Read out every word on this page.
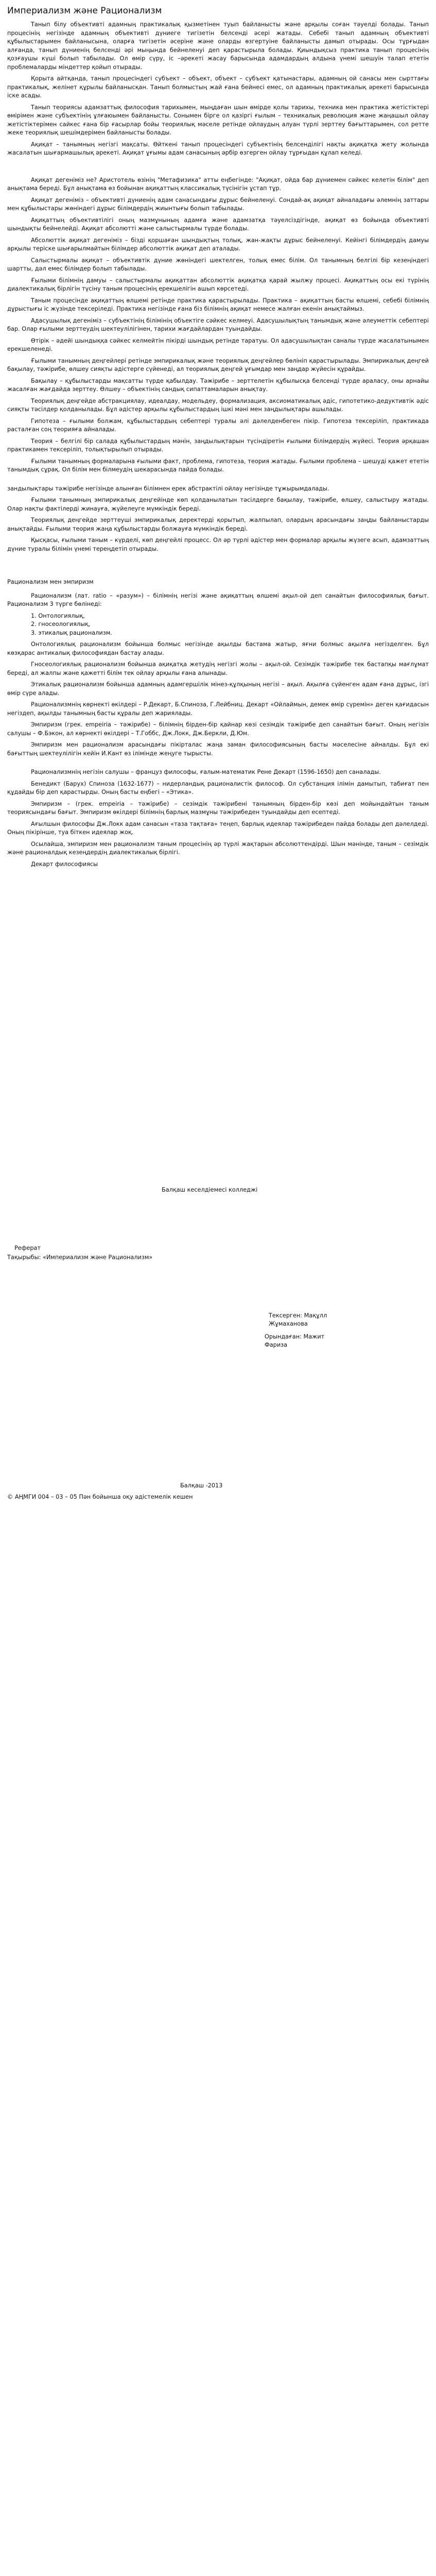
Империализм және Рационализм

Танып білу объективті адамның практикалық қызметінен туып байланысты және арқылы соған тәуелді болады. Танып процесінің негізінде адамның объективті дүниеге тигізетін белсенді әсері жатады. Себебі танып адамның объективті құбылыстарымен байланысына, оларға тигізетін әсеріне және оларды өзгертуіне байланысты дамып отырады. Осы тұрғыдан алғанда, танып дүниенің белсенді әрі мыңында бейнеленуі деп қарастырыла болады. Қиындықсыз практика танып процесінің қозғаушы күші болып табылады. Ол өмір сүру, іс –әрекеті жасау барысында адамдардың алдына үнемі шешуін талап ететін проблемаларды міндеттер қойып отырады.

Қорыта айтқанда, танып процесіндегі субъект – объект, объект – субъект қатынастары, адамның ой санасы мен сырттағы практикалық, желінет құрылы байланысқан. Танып болмыстың жай ғана бейнесі емес, ол адамның практикалық әрекеті барысында іске асады.

Танып теориясы адамзаттық философия тарихымен, мыңдаған шын өмірде қолы тарихы, техника мен практика жетістіктері өмірімен және субъектінің ұлғаюымен байланысты. Сонымен бірге ол қазіргі ғылым – техникалық революция және жаңашыл ойлау жетістіктерімен сайкес ғана бір ғасырлар бойы теориялық мәселе ретінде ойлаудың алуан түрлі зерттеу бағыттарымен, сол ретте жеке теориялық шешімдерімен байланысты болады.

Ақиқат – танымның негізгі мақсаты. Өйткені танып процесіндегі субъектінің белсенділігі нақты ақиқатқа жету жолында жасалатын шығармашылық әрекеті. Ақиқат ұғымы адам санасының әрбір өзгерген ойлау тұрғыдан құлап келеді.

Ақиқат дегеніміз не? Аристотель өзінің "Метафизика" атты еңбегінде: "Ақиқат, ойда бар дүниемен сәйкес келетін білім" деп анықтама береді. Бұл анықтама өз бойынан ақиқаттың классикалық түсінігін ұстап тұр.

Ақиқат дегеніміз – объективті дүниенің адам санасындағы дұрыс бейнеленуі. Сондай-ақ ақиқат айналадағы әлемнің заттары мен құбылыстары жөніндегі дұрыс білімдердің жиынтығы болып табылады.

Ақиқаттың объективтілігі оның мазмұнының адамға және адамзатқа тәуелсіздігінде, ақиқат өз бойында объективті шындықты бейнелейді. Ақиқат абсолютті және салыстырмалы түрде болады.

Абсолюттік ақиқат дегеніміз – бізді қоршаған шындықтың толық, жан-жақты дұрыс бейнеленуі. Кейінгі білімдердің дамуы арқылы теріске шығарылмайтын білімдер абсолюттік ақиқат деп аталады.

Салыстырмалы ақиқат – объективтік дүние жөніндегі шектелген, толық емес білім. Ол танымның белгілі бір кезеңіндегі шартты, дәл емес білімдер болып табылады.

Ғылыми білімнің дамуы – салыстырмалы ақиқаттан абсолюттік ақиқатқа қарай жылжу процесі. Ақиқаттың осы екі түрінің диалектикалық бірлігін түсіну таным процесінің ерекшелігін ашып көрсетеді.

Таным процесінде ақиқаттың өлшемі ретінде практика қарастырылады. Практика – ақиқаттың басты өлшемі, себебі білімнің дұрыстығы іс жүзінде тексеріледі. Практика негізінде ғана біз білімнің ақиқат немесе жалған екенін анықтаймыз.

Адасушылық дегеніміз – субъектінің білімінің объектіге сәйкес келмеуі. Адасушылықтың танымдық және әлеуметтік себептері бар. Олар ғылыми зерттеудің шектеулілігінен, тарихи жағдайлардан туындайды.

Өтірік – әдейі шындыққа сәйкес келмейтін пікірді шындық ретінде таратуы. Ол адасушылықтан саналы түрде жасалатынымен ерекшеленеді.

Ғылыми танымның деңгейлері ретінде эмпирикалық және теориялық деңгейлер бөлініп қарастырылады. Эмпирикалық деңгей бақылау, тәжірибе, өлшеу сияқты әдістерге сүйенеді, ал теориялық деңгей ұғымдар мен заңдар жүйесін құрайды.

Бақылау – құбылыстарды мақсатты түрде қабылдау. Тәжірибе – зерттелетін құбылысқа белсенді түрде араласу, оны арнайы жасалған жағдайда зерттеу. Өлшеу – объектінің сандық сипаттамаларын анықтау.

Теориялық деңгейде абстракциялау, идеалдау, модельдеу, формализация, аксиоматикалық әдіс, гипотетико-дедуктивтік әдіс сияқты тәсілдер қолданылады. Бұл әдістер арқылы құбылыстардың ішкі мәні мен заңдылықтары ашылады.

Гипотеза – ғылыми болжам, құбылыстардың себептері туралы әлі дәлелденбеген пікір. Гипотеза тексеріліп, практикада расталған соң теорияға айналады.

Теория – белгілі бір салада құбылыстардың мәнін, заңдылықтарын түсіндіретін ғылыми білімдердің жүйесі. Теория әрқашан практикамен тексеріліп, толықтырылып отырады.

Ғылыми танымның формаларына ғылыми факт, проблема, гипотеза, теория жатады. Ғылыми проблема – шешуді қажет ететін танымдық сұрақ. Ол білім мен білмеудің шекарасында пайда болады.

зандылықтары тәжірибе негізінде алынған білімнен ерек абстрактілі ойлау негізінде тұжырымдалады.

Ғылыми танымның эмпирикалық деңгейінде көп қолданылатын тәсілдерге бақылау, тәжірибе, өлшеу, салыстыру жатады. Олар нақты фактілерді жинауға, жүйелеуге мүмкіндік береді.

Теориялық деңгейде зерттеуші эмпирикалық деректерді қорытып, жалпылап, олардың арасындағы заңды байланыстарды анықтайды. Ғылыми теория жаңа құбылыстарды болжауға мүмкіндік береді.

Қысқасы, ғылыми таным – күрделі, көп деңгейлі процесс. Ол әр түрлі әдістер мен формалар арқылы жүзеге асып, адамзаттың дүние туралы білімін үнемі тереңдетіп отырады.

Рационализм мен эмпиризм

Рационализм (лат. ratio – «разум») – білімнің негізі және ақиқаттың өлшемі ақыл-ой деп санайтын философиялық бағыт. Рационализм 3 түрге бөлінеді:

1. Онтологиялық,
2. гносеологиялық,
3. этикалық рационализм.

Онтологиялық рационализм бойынша болмыс негізінде ақылды бастама жатыр, яғни болмыс ақылға негізделген. Бұл көзқарас антикалық философиядан бастау алады.

Гносеологиялық рационализм бойынша ақиқатқа жетудің негізгі жолы – ақыл-ой. Сезімдік тәжірибе тек бастапқы мағлұмат береді, ал жалпы және қажетті білім тек ойлау арқылы ғана алынады.

Этикалық рационализм бойынша адамның адамгершілік мінез-құлқының негізі – ақыл. Ақылға сүйенген адам ғана дұрыс, ізгі өмір сүре алады.

Рационализмнің көрнекті өкілдері – Р.Декарт, Б.Спиноза, Г.Лейбниц. Декарт «Ойлаймын, демек өмір сүремін» деген қағидасын негіздеп, ақылды танымның басты құралы деп жариялады.

Эмпиризм (грек. empeiria – тәжірибе) – білімнің бірден-бір қайнар көзі сезімдік тәжірибе деп санайтын бағыт. Оның негізін салушы – Ф.Бэкон, ал көрнекті өкілдері – Т.Гоббс, Дж.Локк, Дж.Беркли, Д.Юм.

Эмпиризм мен рационализм арасындағы пікірталас жаңа заман философиясының басты мәселесіне айналды. Бұл екі бағыттың шектеулілігін кейін И.Кант өз ілімінде жеңуге тырысты.

Рационализмнің негізін салушы – француз философы, ғалым-математик Рене Декарт (1596-1650) деп саналады.

Бенедикт (Барух) Спиноза (1632-1677) – нидерландық рационалистік философ. Ол субстанция ілімін дамытып, табиғат пен құдайды бір деп қарастырды. Оның басты еңбегі – «Этика».

Эмпиризм – (грек. empeiria – тәжірибе) – сезімдік тәжірибені танымның бірден-бір көзі деп мойындайтын таным теориясындағы бағыт. Эмпиризм өкілдері білімнің барлық мазмұны тәжірибеден туындайды деп есептеді.

Ағылшын философы Дж.Локк адам санасын «таза тақтаға» теңеп, барлық идеялар тәжірибеден пайда болады деп дәлелдеді. Оның пікірінше, туа біткен идеялар жоқ.

Осылайша, эмпиризм мен рационализм таным процесінің әр түрлі жақтарын абсолюттендірді. Шын мәнінде, таным – сезімдік және рационалдық кезеңдердің диалектикалық бірлігі.

Декарт философиясы

Балқаш кеселдіемесі колледжі

Реферат

Тақырыбы: «Империализм және Рационализм»

Тексерген: Мақұлл Жұмаханова

Орындаған: Мажит Фариза

Балқаш -2013

© АҢМГИ 004 – 03 – 05 Пән бойынша оқу әдістемелік кешен
